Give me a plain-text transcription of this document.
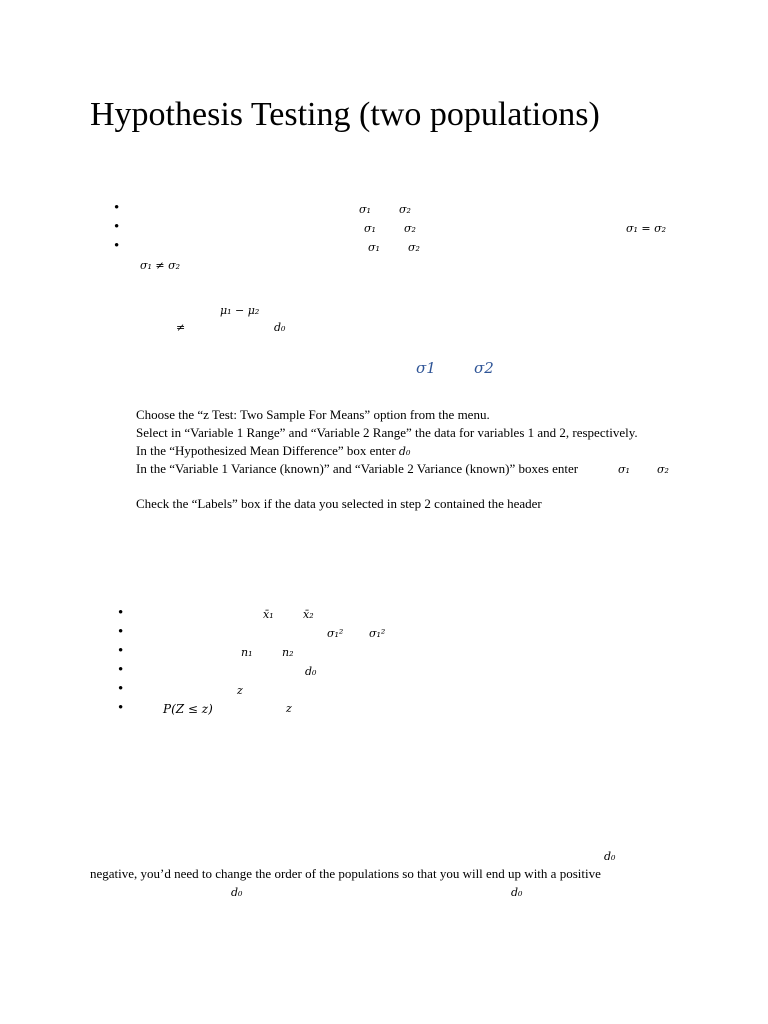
Hypothesis Testing (two populations)
•	σ₁	σ₂
•	σ₁	σ₂	σ₁ = σ₂
•	σ₁	σ₂
σ₁ ≠ σ₂
μ₁ − μ₂
≠	d₀
σ1	σ2
Choose the “z Test: Two Sample For Means” option from the menu.
Select in “Variable 1 Range” and “Variable 2 Range” the data for variables 1 and 2, respectively.
In the “Hypothesized Mean Difference” box enter d₀
In the “Variable 1 Variance (known)” and “Variable 2 Variance (known)” boxes enter	σ₁ σ₂
Check the “Labels” box if the data you selected in step 2 contained the header
•	x̄₁	x̄₂
•	σ₁² σ₁²
•	n₁	n₂
•	d₀
•	z
•	P(Z ≤ z)	z
d₀
negative, you’d need to change the order of the populations so that you will end up with a positive
d₀	d₀
